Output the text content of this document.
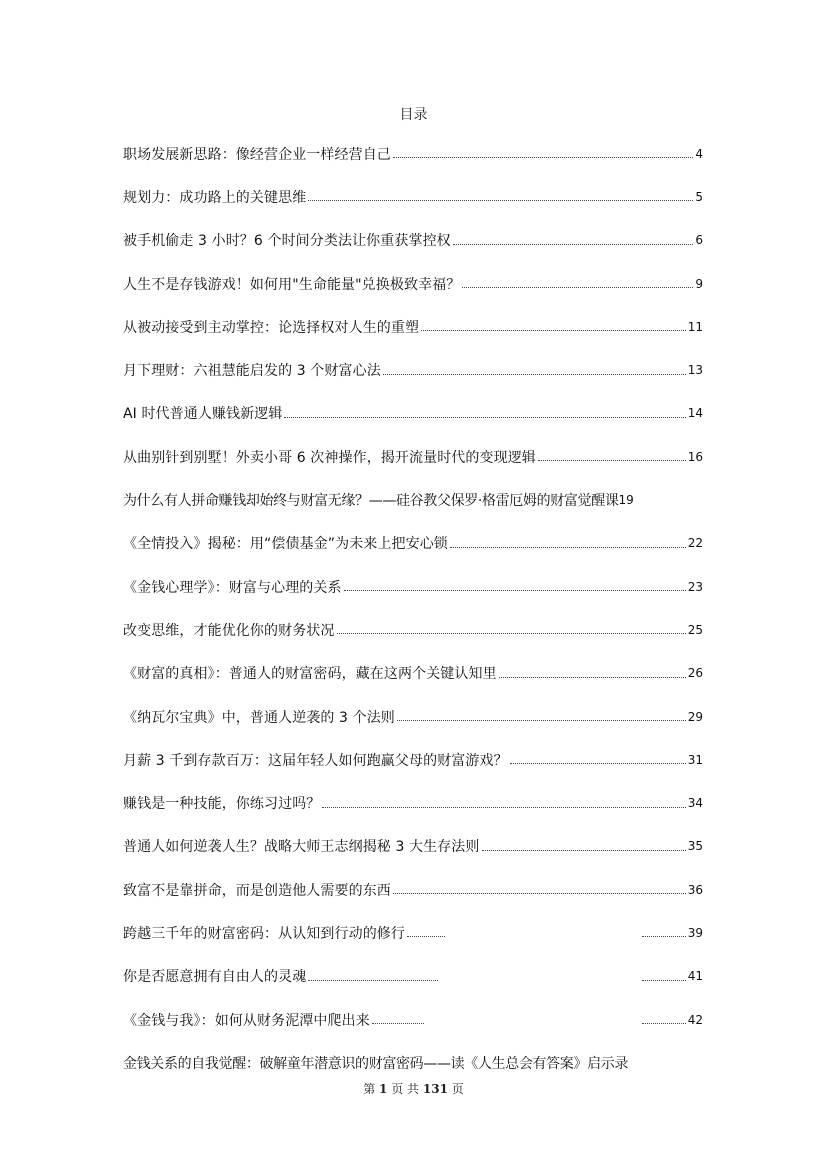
目录
职场发展新思路：像经营企业一样经营自己	4
规划力：成功路上的关键思维	5
被手机偷走 3 小时？6 个时间分类法让你重获掌控权	6
人生不是存钱游戏！如何用"生命能量"兑换极致幸福？	9
从被动接受到主动掌控：论选择权对人生的重塑	11
月下理财：六祖慧能启发的 3 个财富心法	13
AI 时代普通人赚钱新逻辑	14
从曲别针到别墅！外卖小哥 6 次神操作，揭开流量时代的变现逻辑	16
为什么有人拼命赚钱却始终与财富无缘？——硅谷教父保罗·格雷厄姆的财富觉醒课 19
《全情投入》揭秘：用“偿债基金”为未来上把安心锁	22
《金钱心理学》：财富与心理的关系	23
改变思维，才能优化你的财务状况	25
《财富的真相》：普通人的财富密码，藏在这两个关键认知里	26
《纳瓦尔宝典》中，普通人逆袭的 3 个法则	29
月薪 3 千到存款百万：这届年轻人如何跑赢父母的财富游戏？	31
赚钱是一种技能，你练习过吗？	34
普通人如何逆袭人生？战略大师王志纲揭秘 3 大生存法则	35
致富不是靠拼命，而是创造他人需要的东西	36
跨越三千年的财富密码：从认知到行动的修行	39
你是否愿意拥有自由人的灵魂	41
《金钱与我》：如何从财务泥潭中爬出来	42
金钱关系的自我觉醒：破解童年潜意识的财富密码——读《人生总会有答案》启示录
第 1 页 共 131 页
